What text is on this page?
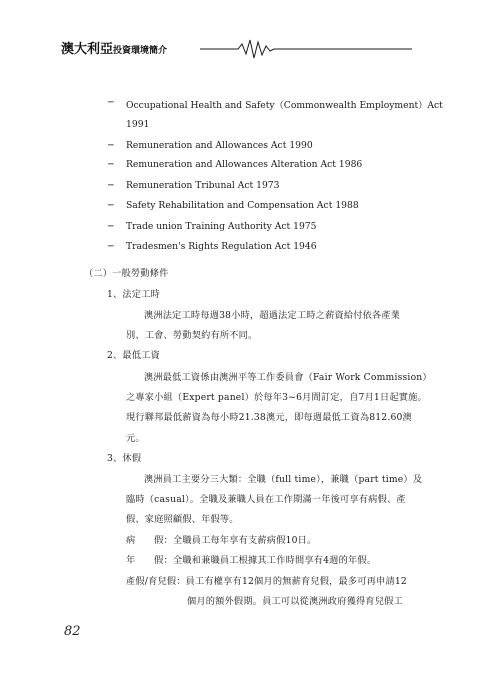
澳大利亞投資環境簡介
─ Occupational Health and Safety（Commonwealth Employment）Act
1991
─ Remuneration and Allowances Act 1990
─ Remuneration and Allowances Alteration Act 1986
─ Remuneration Tribunal Act 1973
─ Safety Rehabilitation and Compensation Act 1988
─ Trade union Training Authority Act 1975
─ Tradesmen's Rights Regulation Act 1946
（二）一般勞動條件
1、法定工時
澳洲法定工時每週38小時，超過法定工時之薪資給付依各產業
別、工會、勞動契約有所不同。
2、最低工資
澳洲最低工資係由澳洲平等工作委員會（Fair Work Commission）
之專家小組（Expert panel）於每年3~6月間訂定，自7月1日起實施。
現行聯邦最低薪資為每小時21.38澳元，即每週最低工資為812.60澳
元。
3、休假
澳洲員工主要分三大類：全職（full time），兼職（part time）及
臨時（casual）。全職及兼職人員在工作期滿一年後可享有病假、產
假、家庭照顧假、年假等。
病　　假：全職員工每年享有支薪病假10日。
年　　假：全職和兼職員工根據其工作時間享有4週的年假。
產假/育兒假：員工有權享有12個月的無薪育兒假，最多可再申請12
個月的額外假期。員工可以從澳洲政府獲得育兒假工
82
